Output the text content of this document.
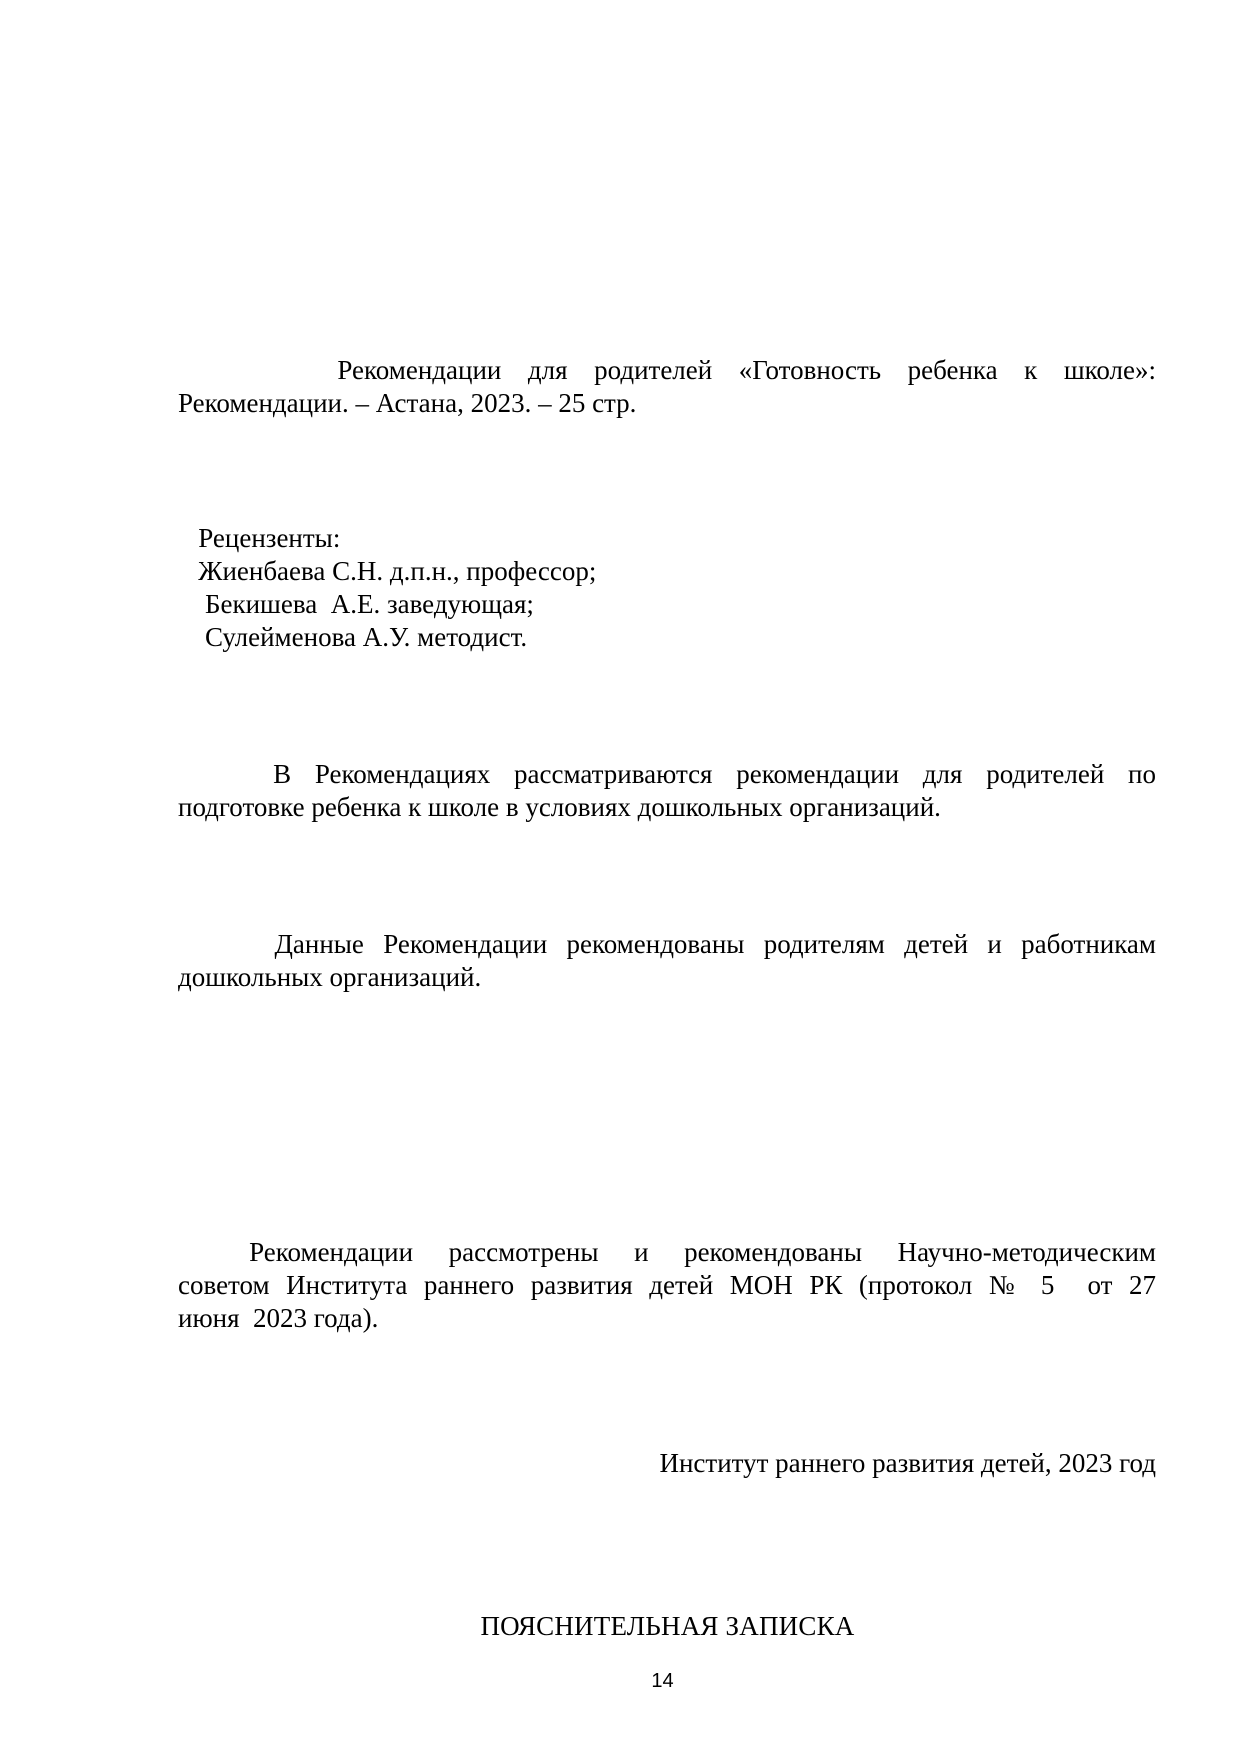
Рекомендации для родителей «Готовность ребенка к школе»:
Рекомендации. – Астана, 2023. – 25 стр.
Рецензенты:
Жиенбаева С.Н. д.п.н., профессор;
Бекишева  А.Е. заведующая;
Сулейменова А.У. методист.
В Рекомендациях рассматриваются рекомендации для родителей по
подготовке ребенка к школе в условиях дошкольных организаций.
Данные Рекомендации рекомендованы родителям детей и работникам
дошкольных организаций.
Рекомендации рассмотрены и рекомендованы Научно-методическим
советом Института раннего развития детей МОН РК (протокол № 5  от 27
июня  2023 года).
Институт раннего развития детей, 2023 год
ПОЯСНИТЕЛЬНАЯ ЗАПИСКА
14
